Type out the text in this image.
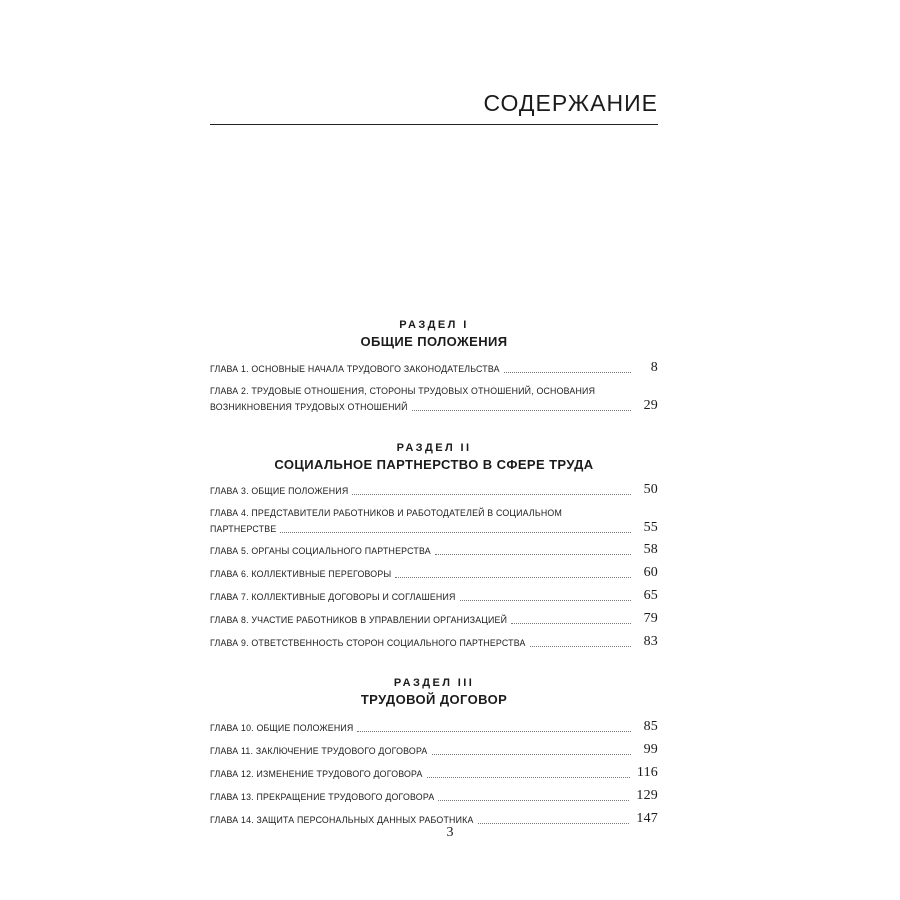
СОДЕРЖАНИЕ
РАЗДЕЛ I
ОБЩИЕ ПОЛОЖЕНИЯ
ГЛАВА 1. ОСНОВНЫЕ НАЧАЛА ТРУДОВОГО ЗАКОНОДАТЕЛЬСТВА	8
ГЛАВА 2. ТРУДОВЫЕ ОТНОШЕНИЯ, СТОРОНЫ ТРУДОВЫХ ОТНОШЕНИЙ, ОСНОВАНИЯ
ВОЗНИКНОВЕНИЯ ТРУДОВЫХ ОТНОШЕНИЙ	29
РАЗДЕЛ II
СОЦИАЛЬНОЕ ПАРТНЕРСТВО В СФЕРЕ ТРУДА
ГЛАВА 3. ОБЩИЕ ПОЛОЖЕНИЯ	50
ГЛАВА 4. ПРЕДСТАВИТЕЛИ РАБОТНИКОВ И РАБОТОДАТЕЛЕЙ В СОЦИАЛЬНОМ
ПАРТНЕРСТВЕ	55
ГЛАВА 5. ОРГАНЫ СОЦИАЛЬНОГО ПАРТНЕРСТВА	58
ГЛАВА 6. КОЛЛЕКТИВНЫЕ ПЕРЕГОВОРЫ	60
ГЛАВА 7. КОЛЛЕКТИВНЫЕ ДОГОВОРЫ И СОГЛАШЕНИЯ	65
ГЛАВА 8. УЧАСТИЕ РАБОТНИКОВ В УПРАВЛЕНИИ ОРГАНИЗАЦИЕЙ	79
ГЛАВА 9. ОТВЕТСТВЕННОСТЬ СТОРОН СОЦИАЛЬНОГО ПАРТНЕРСТВА	83
РАЗДЕЛ III
ТРУДОВОЙ ДОГОВОР
ГЛАВА 10. ОБЩИЕ ПОЛОЖЕНИЯ	85
ГЛАВА 11. ЗАКЛЮЧЕНИЕ ТРУДОВОГО ДОГОВОРА	99
ГЛАВА 12. ИЗМЕНЕНИЕ ТРУДОВОГО ДОГОВОРА	116
ГЛАВА 13. ПРЕКРАЩЕНИЕ ТРУДОВОГО ДОГОВОРА	129
ГЛАВА 14. ЗАЩИТА ПЕРСОНАЛЬНЫХ ДАННЫХ РАБОТНИКА	147
3
